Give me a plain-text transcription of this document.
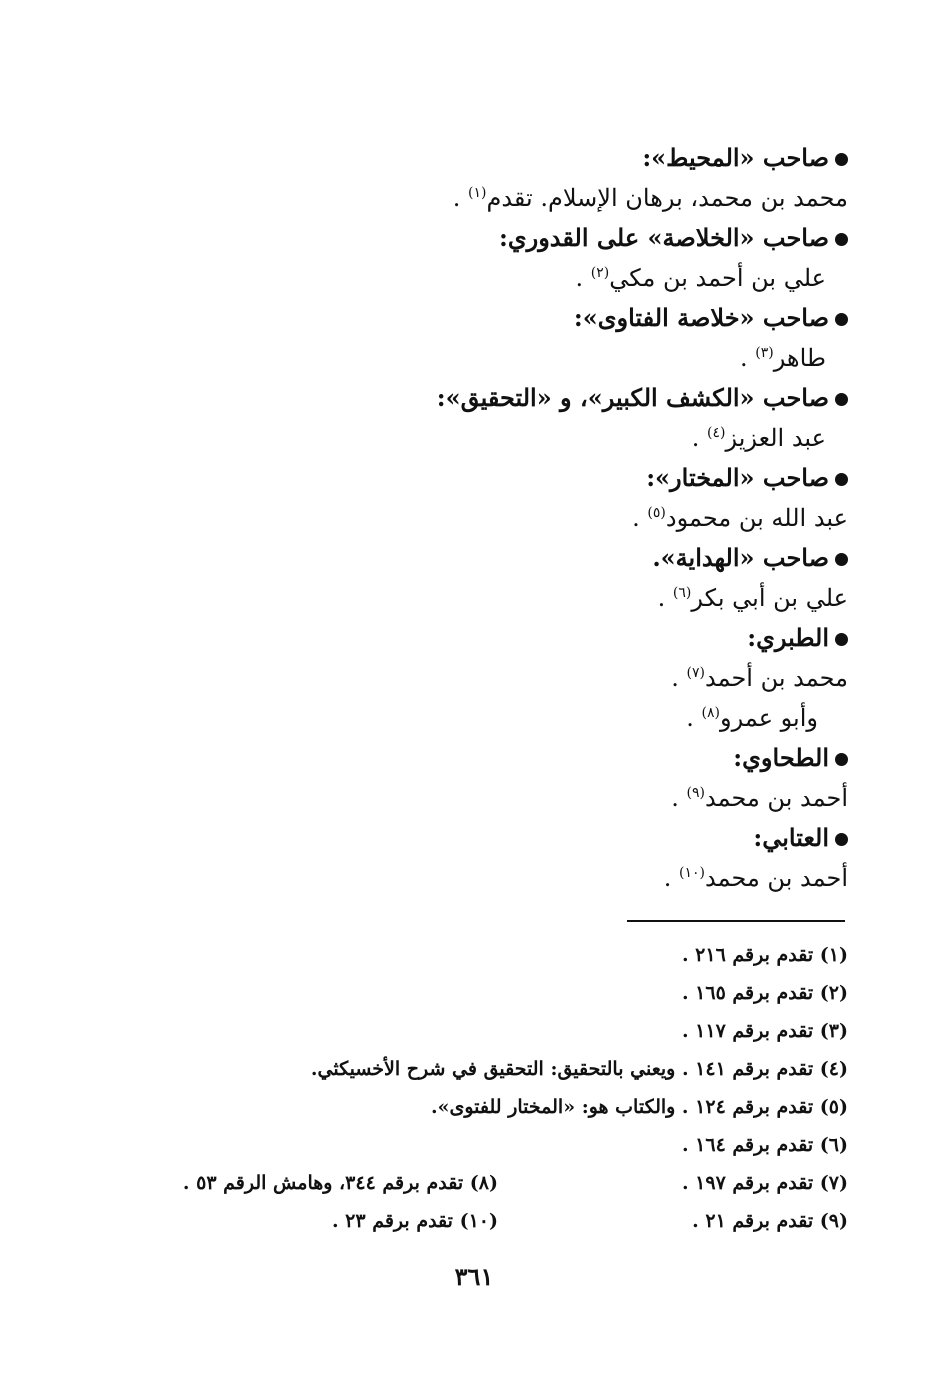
صاحب «المحيط»:
محمد بن محمد، برهان الإسلام. تقدم$^{(١)}$ .
صاحب «الخلاصة» على القدوري:
علي بن أحمد بن مكي$^{(٢)}$ .
صاحب «خلاصة الفتاوى»:
طاهر$^{(٣)}$ .
صاحب «الكشف الكبير»، و «التحقيق»:
عبد العزيز$^{(٤)}$ .
صاحب «المختار»:
عبد الله بن محمود$^{(٥)}$ .
صاحب «الهداية».
علي بن أبي بكر$^{(٦)}$ .
الطبري:
محمد بن أحمد$^{(٧)}$ .
وأبو عمرو$^{(٨)}$ .
الطحاوي:
أحمد بن محمد$^{(٩)}$ .
العتابي:
أحمد بن محمد$^{(١٠)}$ .
(١) تقدم برقم ٢١٦ .
(٢) تقدم برقم ١٦٥ .
(٣) تقدم برقم ١١٧ .
(٤) تقدم برقم ١٤١ . ويعني بالتحقيق: التحقيق في شرح الأخسيكثي.
(٥) تقدم برقم ١٢٤ . والكتاب هو: «المختار للفتوى».
(٦) تقدم برقم ١٦٤ .
(٧) تقدم برقم ١٩٧ .
(٨) تقدم برقم ٣٤٤، وهامش الرقم ٥٣ .
(٩) تقدم برقم ٢١ .
(١٠) تقدم برقم ٢٣ .
٣٦١
